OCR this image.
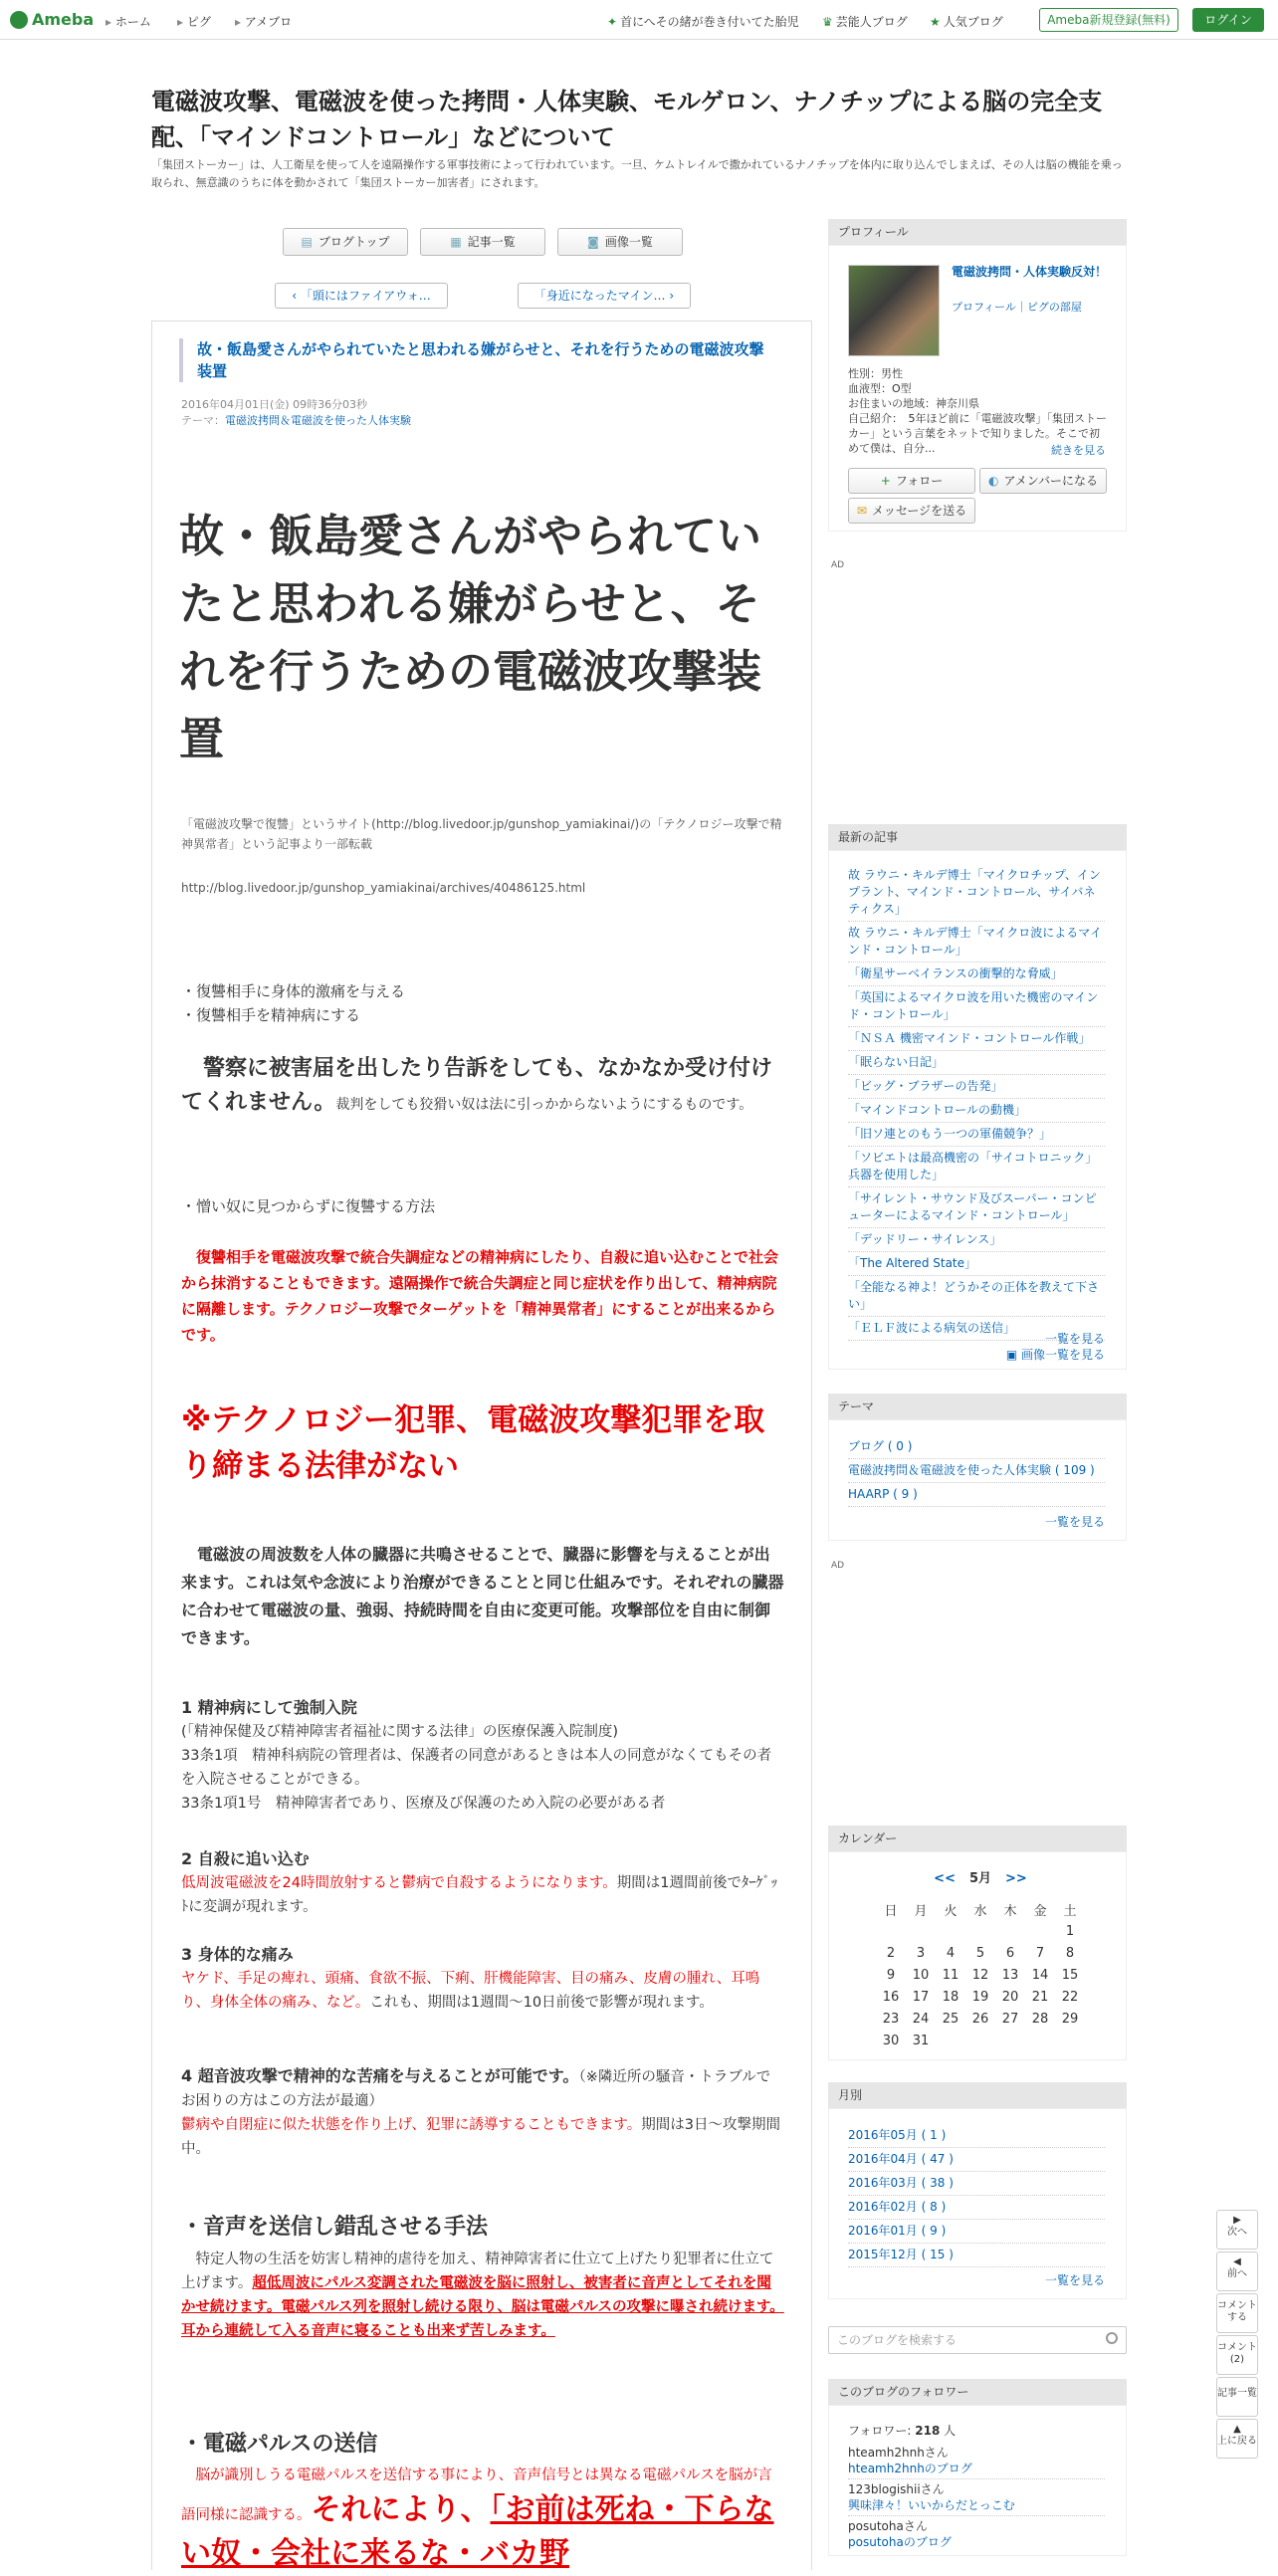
Ameba	▸ ホーム	▸ ピグ	▸ アメブロ	✦ 首にへその緒が巻き付いてた胎児 ♛ 芸能人ブログ ★ 人気ブログ	Ameba新規登録(無料)	ログイン
電磁波攻撃、電磁波を使った拷問・人体実験、モルゲロン、ナノチップによる脳の完全支配、「マインドコントロール」などについて

「集団ストーカー」は、人工衛星を使って人を遠隔操作する軍事技術によって行われています。一旦、ケムトレイルで撒かれているナノチップを体内に取り込んでしまえば、その人は脳の機能を乗っ取られ、無意識のうちに体を動かされて「集団ストーカー加害者」にされます。

▤ ブログトップ	▦ 記事一覧	◙ 画像一覧
‹ 「頭にはファイアウォ…	「身近になったマイン… ›
故・飯島愛さんがやられていたと思われる嫌がらせと、それを行うための電磁波攻撃装置
2016年04月01日(金) 09時36分03秒
テーマ：電磁波拷問＆電磁波を使った人体実験
故・飯島愛さんがやられていたと思われる嫌がらせと、それを行うための電磁波攻撃装置

「電磁波攻撃で復讐」というサイト(http://blog.livedoor.jp/gunshop_yamiakinai/)の「テクノロジー攻撃で精神異常者」という記事より一部転載

http://blog.livedoor.jp/gunshop_yamiakinai/archives/40486125.html

・復讐相手に身体的激痛を与える

・復讐相手を精神病にする

　警察に被害届を出したり告訴をしても、なかなか受け付けてくれません。裁判をしても狡猾い奴は法に引っかからないようにするものです。

・憎い奴に見つからずに復讐する方法

　復讐相手を電磁波攻撃で統合失調症などの精神病にしたり、自殺に追い込むことで社会から抹消することもできます。遠隔操作で統合失調症と同じ症状を作り出して、精神病院に隔離します。テクノロジー攻撃でターゲットを「精神異常者」にすることが出来るからです。

※テクノロジー犯罪、電磁波攻撃犯罪を取り締まる法律がない

　電磁波の周波数を人体の臓器に共鳴させることで、臓器に影響を与えることが出来ます。これは気や念波により治療ができることと同じ仕組みです。それぞれの臓器に合わせて電磁波の量、強弱、持続時間を自由に変更可能。攻撃部位を自由に制御できます。

1 精神病にして強制入院
(「精神保健及び精神障害者福祉に関する法律」の医療保護入院制度)
33条1項　精神科病院の管理者は、保護者の同意があるときは本人の同意がなくてもその者を入院させることができる。
33条1項1号　精神障害者であり、医療及び保護のため入院の必要がある者
2 自殺に追い込む
低周波電磁波を24時間放射すると鬱病で自殺するようになります。期間は1週間前後でﾀｰｹﾞｯﾄに変調が現れます。
3 身体的な痛み
ヤケド、手足の痺れ、頭痛、食欲不振、下痢、肝機能障害、目の痛み、皮膚の腫れ、耳鳴り、身体全体の痛み、など。これも、期間は1週間～10日前後で影響が現れます。
4 超音波攻撃で精神的な苦痛を与えることが可能です。（※隣近所の騒音・トラブルでお困りの方はこの方法が最適）
鬱病や自閉症に似た状態を作り上げ、犯罪に誘導することもできます。期間は3日～攻撃期間中。

・音声を送信し錯乱させる手法

　特定人物の生活を妨害し精神的虐待を加え、精神障害者に仕立て上げたり犯罪者に仕立て上げます。超低周波にパルス変調された電磁波を脳に照射し、被害者に音声としてそれを聞かせ続けます。電磁パルス列を照射し続ける限り、脳は電磁パルスの攻撃に曝され続けます。耳から連続して入る音声に寝ることも出来ず苦しみます。

・電磁パルスの送信

　脳が識別しうる電磁パルスを送信する事により、音声信号とは異なる電磁パルスを脳が言語同様に認識する。それにより、「お前は死ね・下らない奴・会社に来るな・バカ野

プロフィール
電磁波拷問・人体実験反対！
プロフィール｜ピグの部屋
性別：男性
血液型：O型
お住まいの地域：神奈川県
自己紹介：　5年ほど前に「電磁波攻撃」「集団ストーカー」という言葉をネットで知りました。そこで初めて僕は、自分...	続きを見る
+ フォロー	◐ アメンバーになる
✉ メッセージを送る
AD
最新の記事
故 ラウニ・キルデ博士「マイクロチップ、インプラント、マインド・コントロール、サイバネティクス」
故 ラウニ・キルデ博士「マイクロ波によるマインド・コントロール」
「衛星サーベイランスの衝撃的な脅威」
「英国によるマイクロ波を用いた機密のマインド・コントロール」
「ＮＳＡ 機密マインド・コントロール作戦」
「眠らない日記」
「ビッグ・ブラザーの告発」
「マインドコントロールの動機」
「旧ソ連とのもう一つの軍備競争？」
「ソビエトは最高機密の「サイコトロニック」兵器を使用した」
「サイレント・サウンド及びスーパー・コンピューターによるマインド・コントロール」
「デッドリー・サイレンス」
「The Altered State」
「全能なる神よ！どうかその正体を教えて下さい」
「ＥＬＦ波による病気の送信」
一覧を見る
▣ 画像一覧を見る
テーマ
ブログ ( 0 )
電磁波拷問＆電磁波を使った人体実験 ( 109 )
HAARP ( 9 )
一覧を見る
AD
カレンダー
<< 5月 >>
日	月	火	水	木	金	土
						1
2	3	4	5	6	7	8
9	10	11	12	13	14	15
16	17	18	19	20	21	22
23	24	25	26	27	28	29
30	31					
月別
2016年05月 ( 1 )
2016年04月 ( 47 )
2016年03月 ( 38 )
2016年02月 ( 8 )
2016年01月 ( 9 )
2015年12月 ( 15 )
一覧を見る
このブログを検索する
このブログのフォロワー
フォロワー: 218 人
hteamh2hnhさん
hteamh2hnhのブログ
123blogishiiさん
興味津々！いいからだとっこむ
posutohaさん
posutohaのブログ
▶
次へ
◀
前へ
コメントする
コメント(2)
記事一覧
▲
上に戻る
